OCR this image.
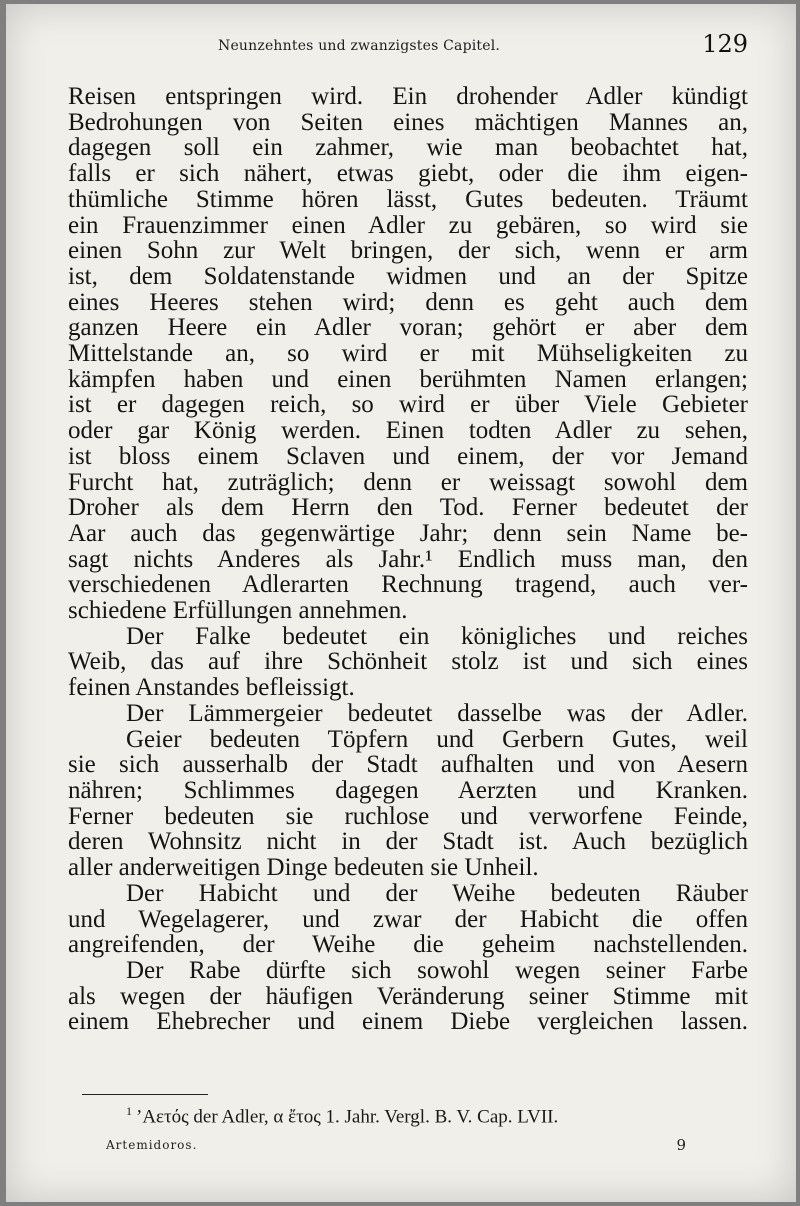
Neunzehntes und zwanzigstes Capitel.	129
Reisen entspringen wird. Ein drohender Adler kündigt
Bedrohungen von Seiten eines mächtigen Mannes an,
dagegen soll ein zahmer, wie man beobachtet hat,
falls er sich nähert, etwas giebt, oder die ihm eigen-
thümliche Stimme hören lässt, Gutes bedeuten. Träumt
ein Frauenzimmer einen Adler zu gebären, so wird sie
einen Sohn zur Welt bringen, der sich, wenn er arm
ist, dem Soldatenstande widmen und an der Spitze
eines Heeres stehen wird; denn es geht auch dem
ganzen Heere ein Adler voran; gehört er aber dem
Mittelstande an, so wird er mit Mühseligkeiten zu
kämpfen haben und einen berühmten Namen erlangen;
ist er dagegen reich, so wird er über Viele Gebieter
oder gar König werden. Einen todten Adler zu sehen,
ist bloss einem Sclaven und einem, der vor Jemand
Furcht hat, zuträglich; denn er weissagt sowohl dem
Droher als dem Herrn den Tod. Ferner bedeutet der
Aar auch das gegenwärtige Jahr; denn sein Name be-
sagt nichts Anderes als Jahr.¹ Endlich muss man, den
verschiedenen Adlerarten Rechnung tragend, auch ver-
schiedene Erfüllungen annehmen.
Der Falke bedeutet ein königliches und reiches
Weib, das auf ihre Schönheit stolz ist und sich eines
feinen Anstandes befleissigt.
Der Lämmergeier bedeutet dasselbe was der Adler.
Geier bedeuten Töpfern und Gerbern Gutes, weil
sie sich ausserhalb der Stadt aufhalten und von Aesern
nähren; Schlimmes dagegen Aerzten und Kranken.
Ferner bedeuten sie ruchlose und verworfene Feinde,
deren Wohnsitz nicht in der Stadt ist. Auch bezüglich
aller anderweitigen Dinge bedeuten sie Unheil.
Der Habicht und der Weihe bedeuten Räuber
und Wegelagerer, und zwar der Habicht die offen
angreifenden, der Weihe die geheim nachstellenden.
Der Rabe dürfte sich sowohl wegen seiner Farbe
als wegen der häufigen Veränderung seiner Stimme mit
einem Ehebrecher und einem Diebe vergleichen lassen.
$^1$ ’Αετός der Adler, α ἔτος 1. Jahr. Vergl. B. V. Cap. LVII.
Artemidoros.	9
